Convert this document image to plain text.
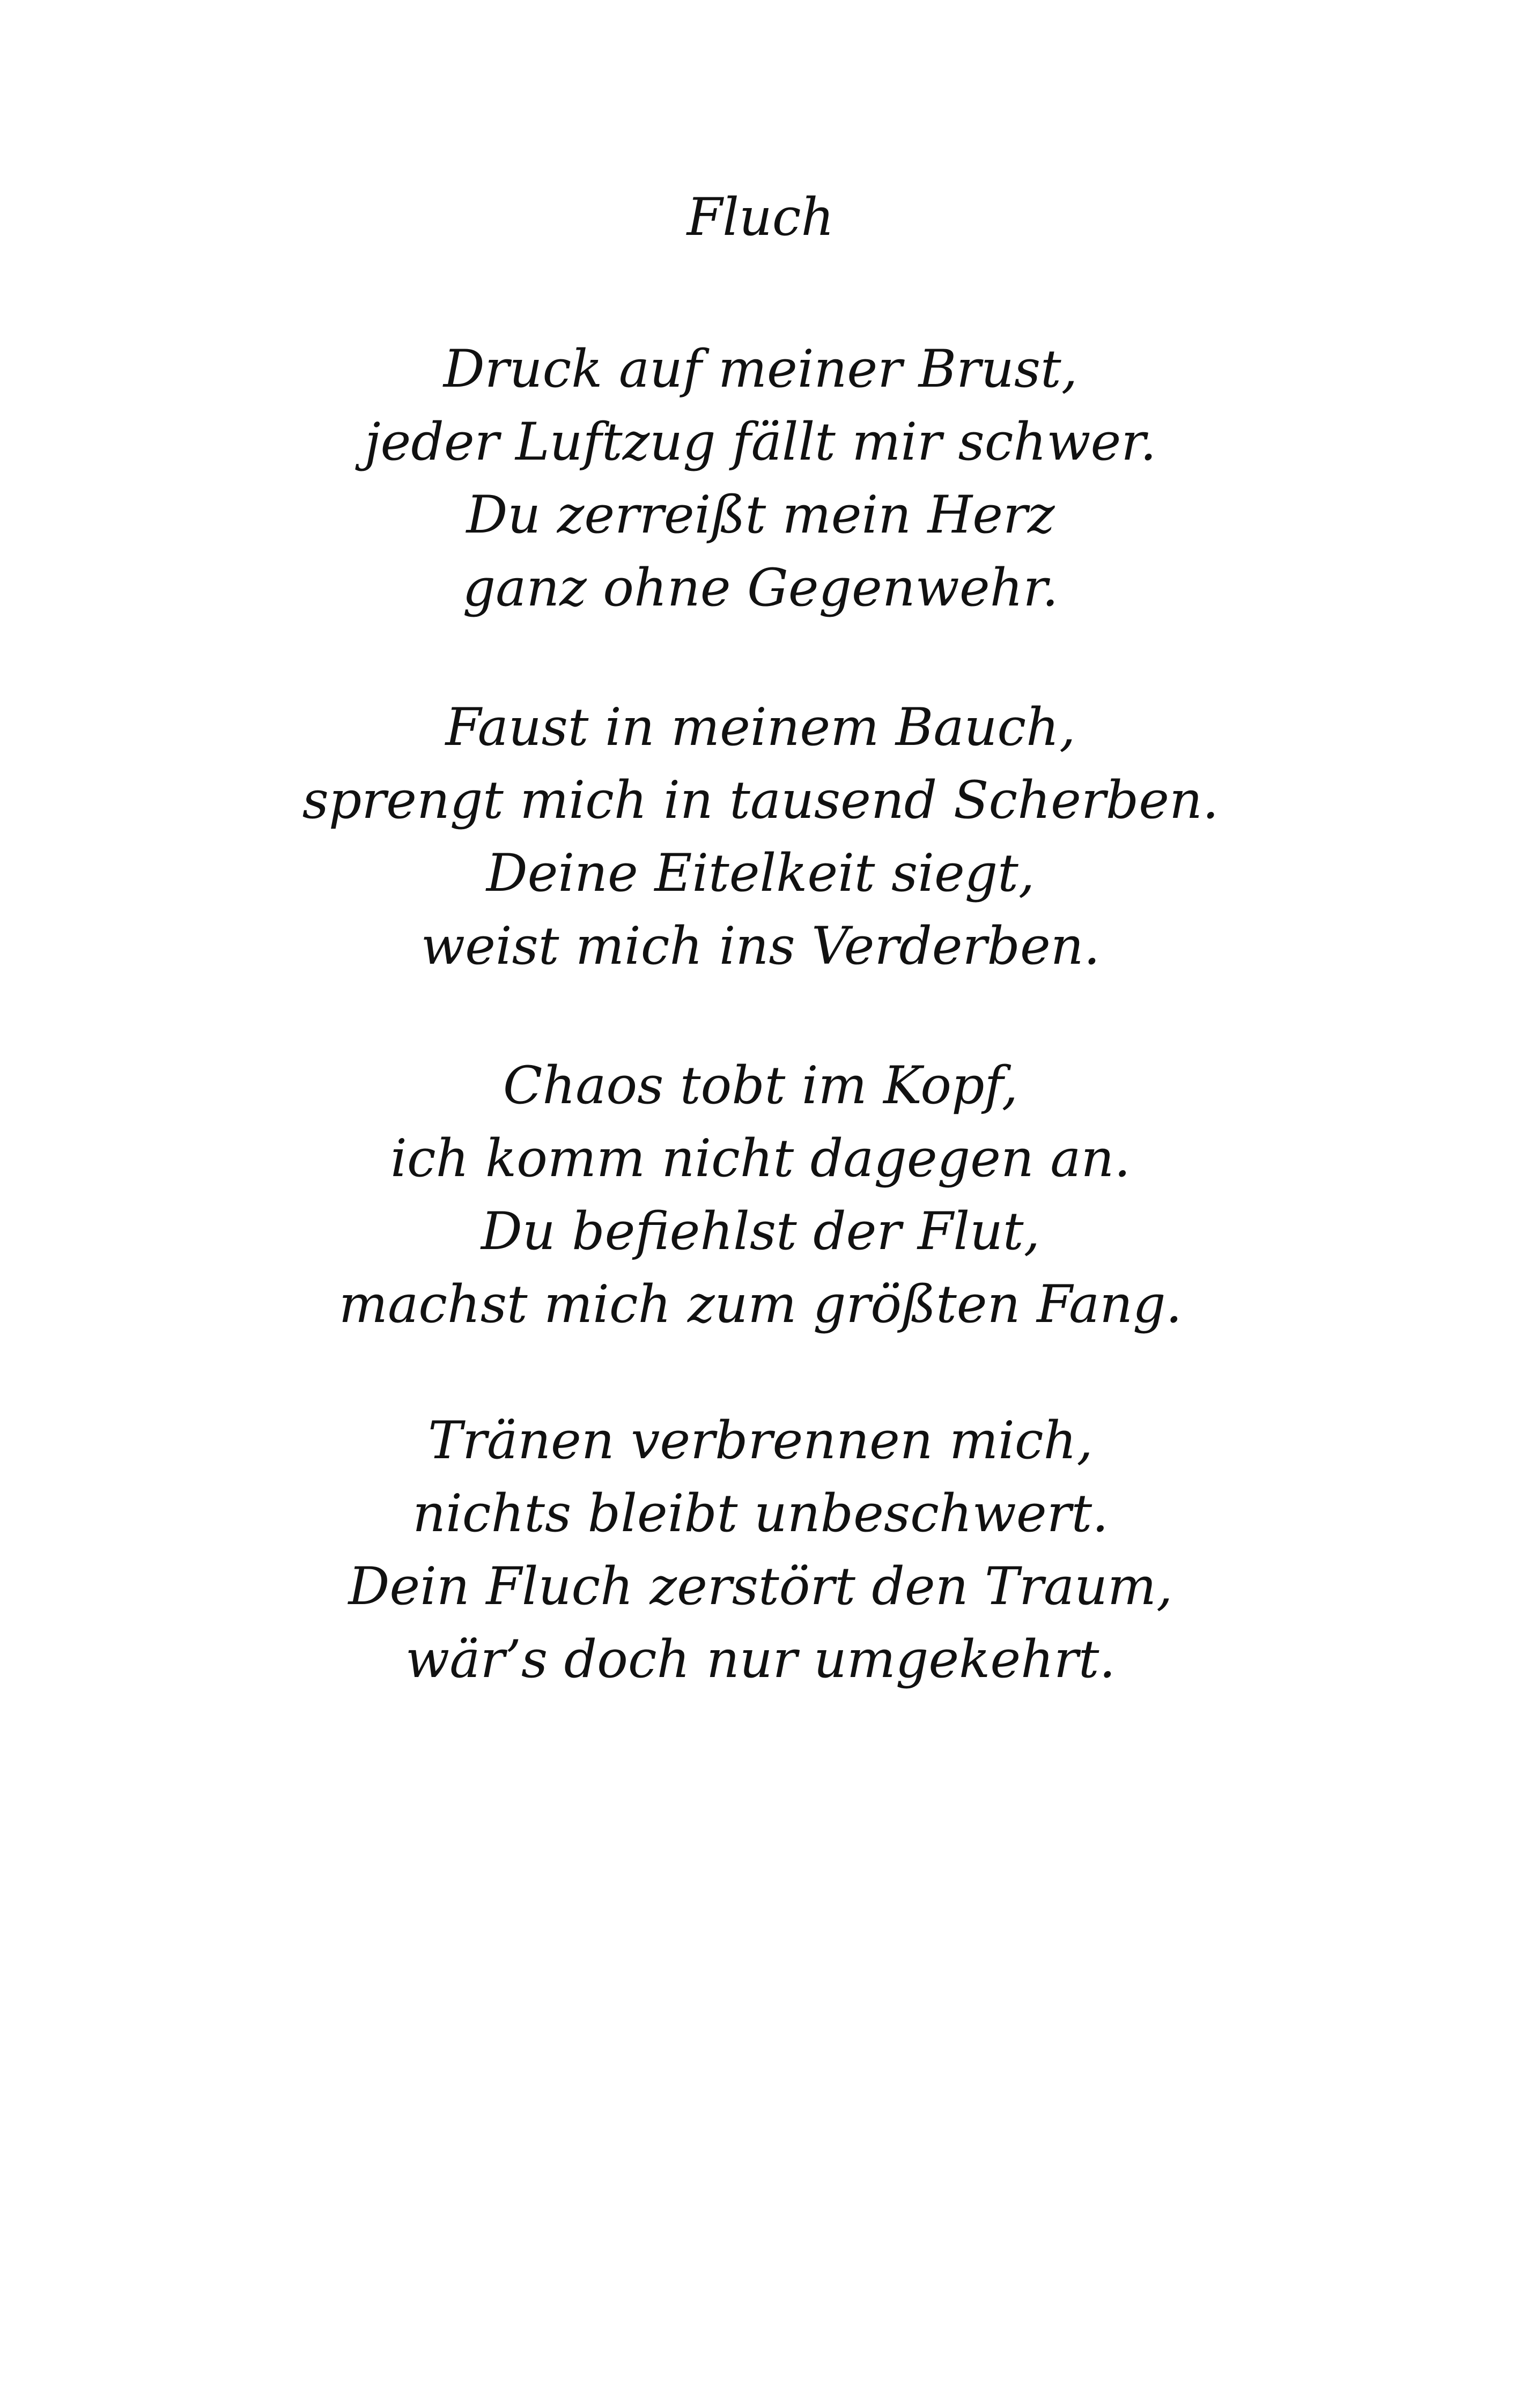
Fluch

Druck auf meiner Brust,
jeder Luftzug fällt mir schwer.
Du zerreißt mein Herz
ganz ohne Gegenwehr.

Faust in meinem Bauch,
sprengt mich in tausend Scherben.
Deine Eitelkeit siegt,
weist mich ins Verderben.

Chaos tobt im Kopf,
ich komm nicht dagegen an.
Du befiehlst der Flut,
machst mich zum größten Fang.

Tränen verbrennen mich,
nichts bleibt unbeschwert.
Dein Fluch zerstört den Traum,
wär’s doch nur umgekehrt.
